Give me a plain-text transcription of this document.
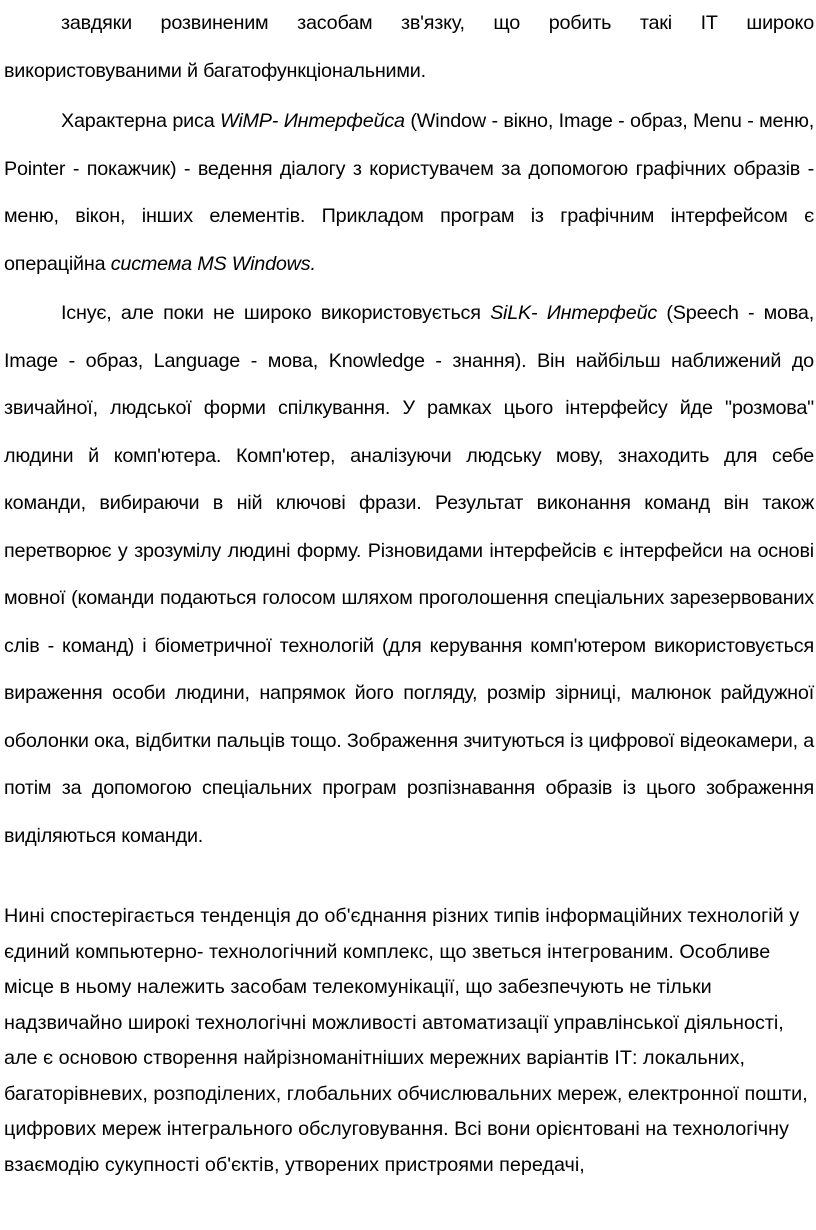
завдяки розвиненим засобам зв'язку, що робить такі ІТ широко
використовуваними й багатофункціональними.

Характерна риса WiMP- Интерфейса (Window - вікно, Image - образ, Menu - меню, Pointer - покажчик) - ведення діалогу з користувачем за допомогою графічних образів - меню, вікон, інших елементів. Прикладом програм із графічним інтерфейсом є операційна система MS Windows.

Існує, але поки не широко використовується SiLK- Интерфейс (Speech - мова, Image - образ, Language - мова, Knowledge - знання). Він найбільш наближений до звичайної, людської форми спілкування. У рамках цього інтерфейсу йде "розмова" людини й комп'ютера. Комп'ютер, аналізуючи людську мову, знаходить для себе команди, вибираючи в ній ключові фрази. Результат виконання команд він також перетворює у зрозумілу людині форму. Різновидами інтерфейсів є інтерфейси на основі мовної (команди подаються голосом шляхом проголошення спеціальних зарезервованих слів - команд) і біометричної технологій (для керування комп'ютером використовується вираження особи людини, напрямок його погляду, розмір зірниці, малюнок райдужної оболонки ока, відбитки пальців тощо. Зображення зчитуються із цифрової відеокамери, а потім за допомогою спеціальних програм розпізнавання образів із цього зображення виділяються команди.

Нині спостерігається тенденція до об'єднання різних типів інформаційних технологій у єдиний компьютерно- технологічний комплекс, що зветься інтегрованим. Особливе місце в ньому належить засобам телекомунікації, що забезпечують не тільки надзвичайно широкі технологічні можливості автоматизації управлінської діяльності, але є основою створення найрізноманітніших мережних варіантів ІТ: локальних, багаторівневих, розподілених, глобальних обчислювальних мереж, електронної пошти, цифрових мереж інтегрального обслуговування. Всі вони орієнтовані на технологічну взаємодію сукупності об'єктів, утворених пристроями передачі,
